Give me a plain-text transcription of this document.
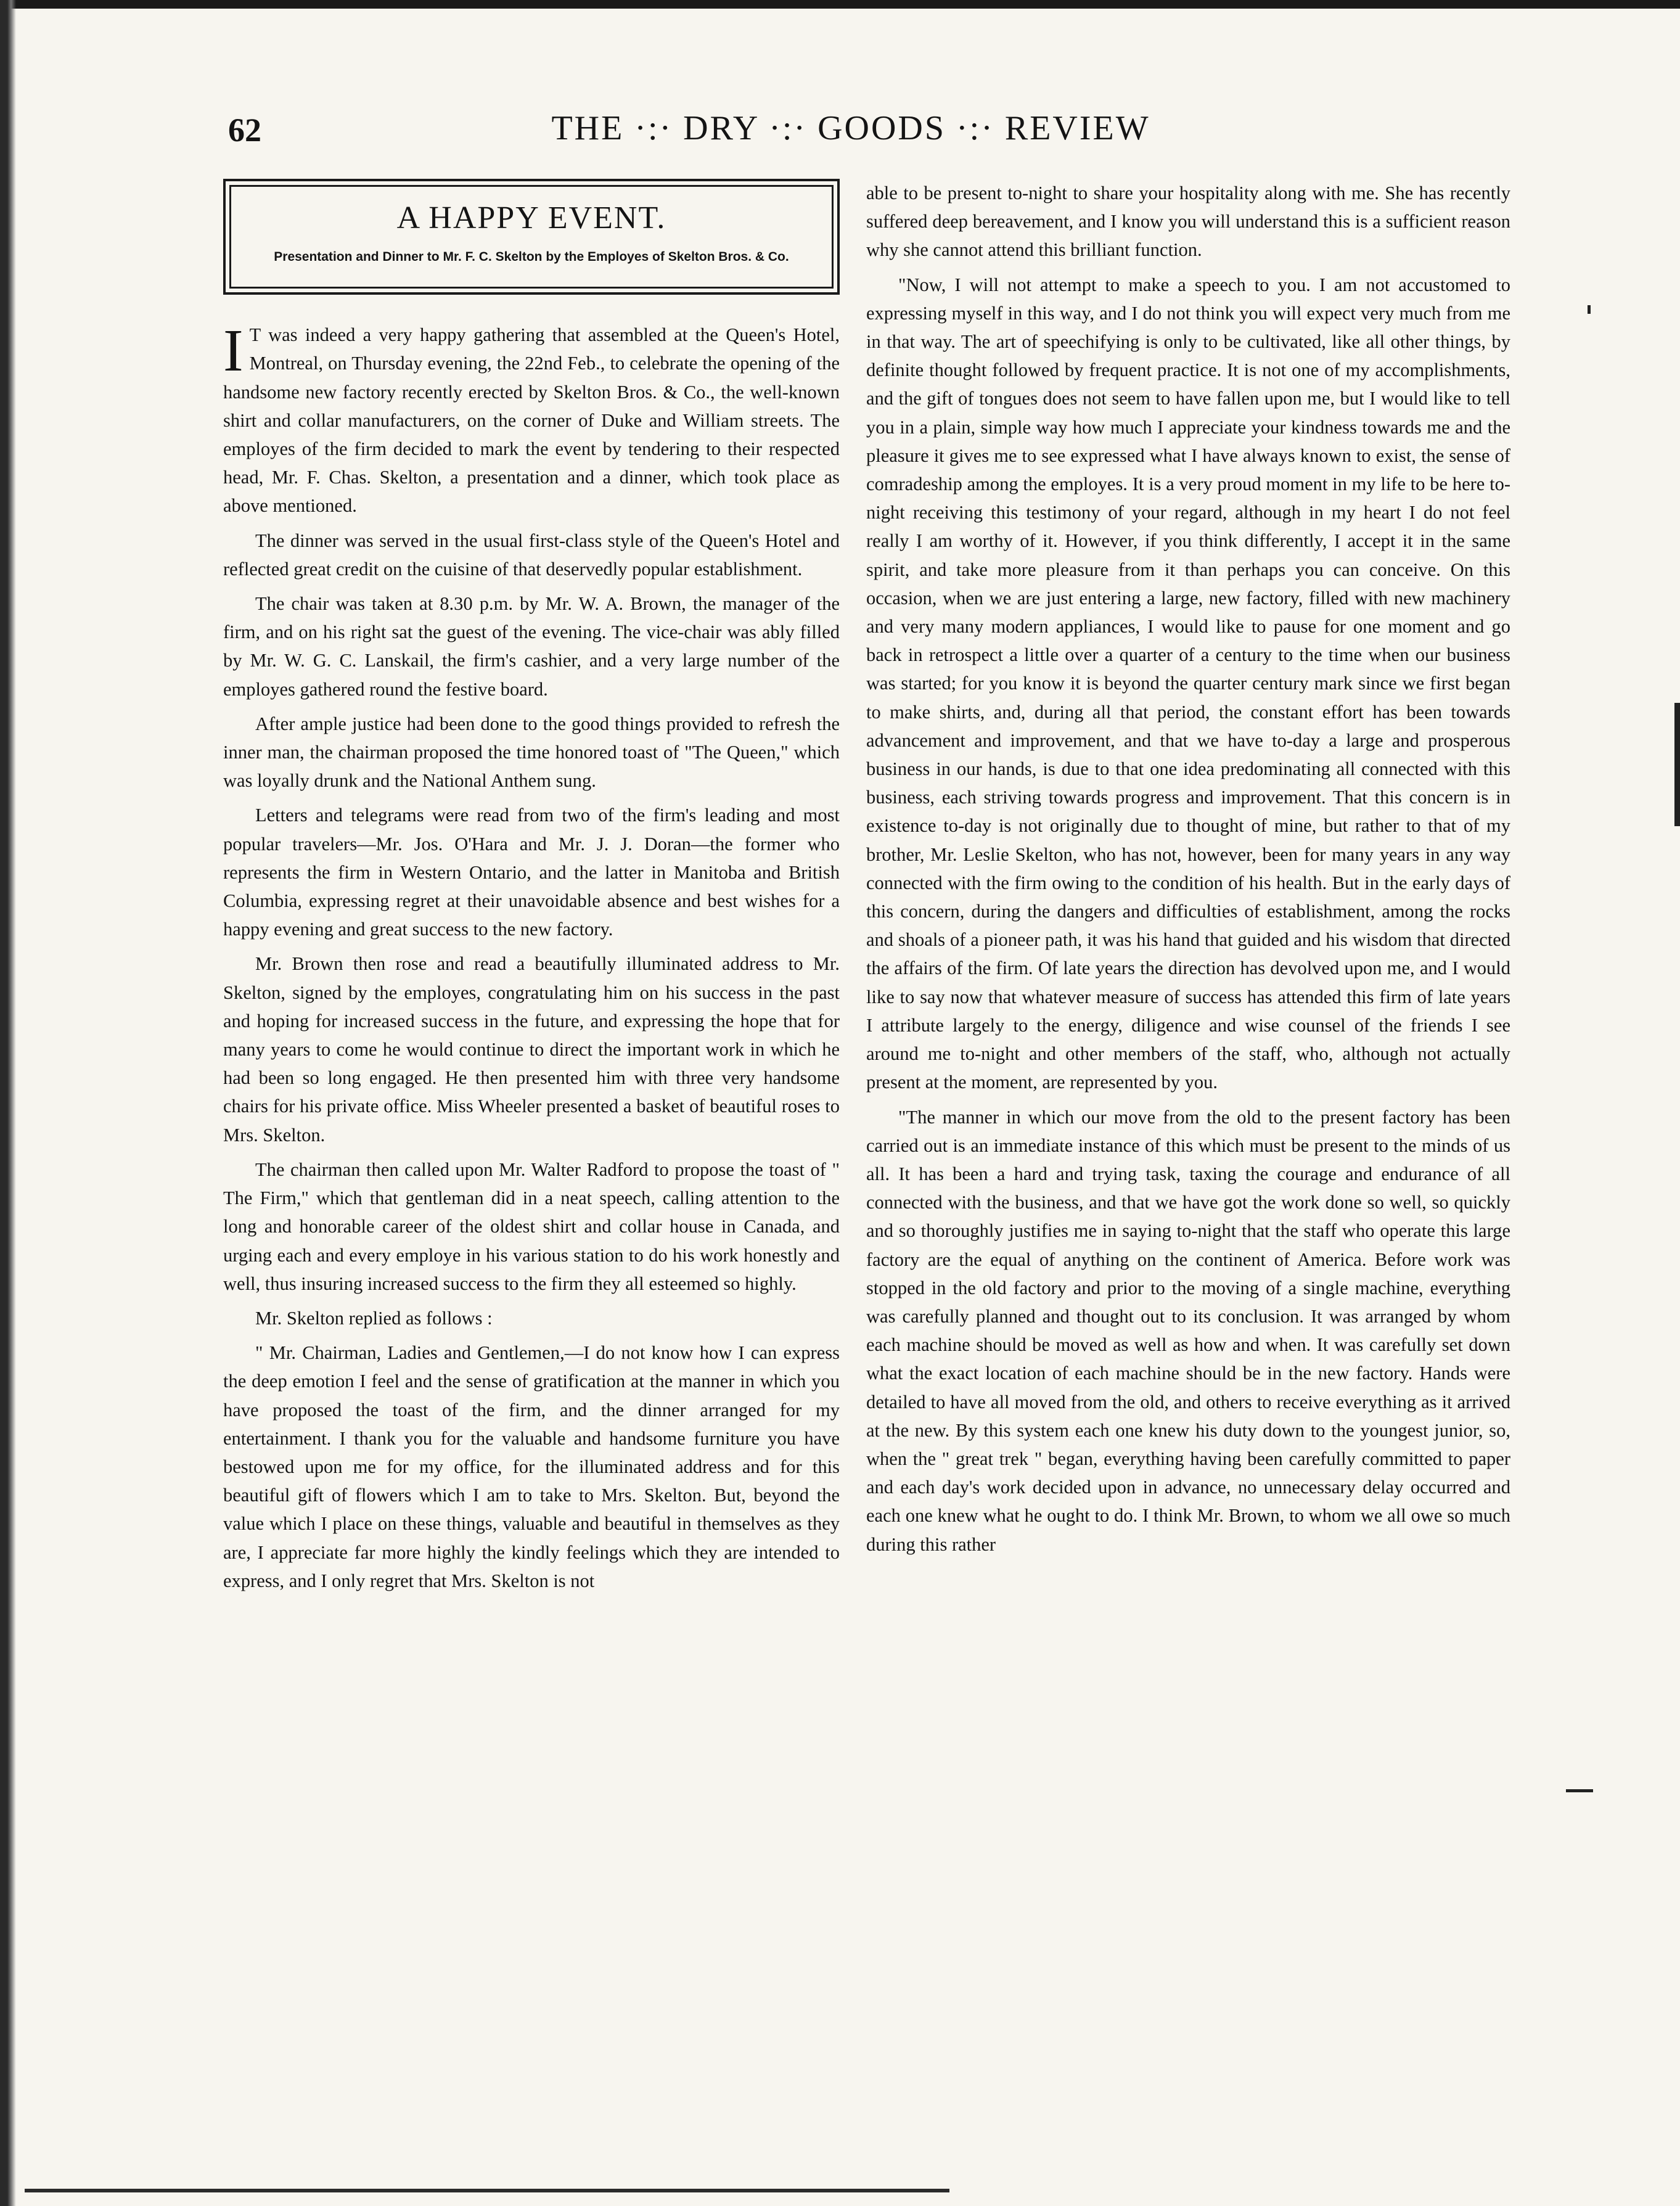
62	THE ·:· DRY ·:· GOODS ·:· REVIEW
A HAPPY EVENT.
Presentation and Dinner to Mr. F. C. Skelton by the Employes of Skelton Bros. & Co.

I T was indeed a very happy gathering that assembled at the Queen's Hotel, Montreal, on Thursday evening, the 22nd Feb., to celebrate the opening of the handsome new factory recently erected by Skelton Bros. & Co., the well-known shirt and collar manufacturers, on the corner of Duke and William streets. The employes of the firm decided to mark the event by tendering to their respected head, Mr. F. Chas. Skelton, a presentation and a dinner, which took place as above mentioned.

The dinner was served in the usual first-class style of the Queen's Hotel and reflected great credit on the cuisine of that deservedly popular establishment.

The chair was taken at 8.30 p.m. by Mr. W. A. Brown, the manager of the firm, and on his right sat the guest of the evening. The vice-chair was ably filled by Mr. W. G. C. Lanskail, the firm's cashier, and a very large number of the employes gathered round the festive board.

After ample justice had been done to the good things provided to refresh the inner man, the chairman proposed the time honored toast of "The Queen," which was loyally drunk and the National Anthem sung.

Letters and telegrams were read from two of the firm's leading and most popular travelers—Mr. Jos. O'Hara and Mr. J. J. Doran—the former who represents the firm in Western Ontario, and the latter in Manitoba and British Columbia, expressing regret at their unavoidable absence and best wishes for a happy evening and great success to the new factory.

Mr. Brown then rose and read a beautifully illuminated address to Mr. Skelton, signed by the employes, congratulating him on his success in the past and hoping for increased success in the future, and expressing the hope that for many years to come he would continue to direct the important work in which he had been so long engaged. He then presented him with three very handsome chairs for his private office. Miss Wheeler presented a basket of beautiful roses to Mrs. Skelton.

The chairman then called upon Mr. Walter Radford to propose the toast of " The Firm," which that gentleman did in a neat speech, calling attention to the long and honorable career of the oldest shirt and collar house in Canada, and urging each and every employe in his various station to do his work honestly and well, thus insuring increased success to the firm they all esteemed so highly.

Mr. Skelton replied as follows :

" Mr. Chairman, Ladies and Gentlemen,—I do not know how I can express the deep emotion I feel and the sense of gratification at the manner in which you have proposed the toast of the firm, and the dinner arranged for my entertainment. I thank you for the valuable and handsome furniture you have bestowed upon me for my office, for the illuminated address and for this beautiful gift of flowers which I am to take to Mrs. Skelton. But, beyond the value which I place on these things, valuable and beautiful in themselves as they are, I appreciate far more highly the kindly feelings which they are intended to express, and I only regret that Mrs. Skelton is not

able to be present to-night to share your hospitality along with me. She has recently suffered deep bereavement, and I know you will understand this is a sufficient reason why she cannot attend this brilliant function.

"Now, I will not attempt to make a speech to you. I am not accustomed to expressing myself in this way, and I do not think you will expect very much from me in that way. The art of speechifying is only to be cultivated, like all other things, by definite thought followed by frequent practice. It is not one of my accomplishments, and the gift of tongues does not seem to have fallen upon me, but I would like to tell you in a plain, simple way how much I appreciate your kindness towards me and the pleasure it gives me to see expressed what I have always known to exist, the sense of comradeship among the employes. It is a very proud moment in my life to be here to-night receiving this testimony of your regard, although in my heart I do not feel really I am worthy of it. However, if you think differently, I accept it in the same spirit, and take more pleasure from it than perhaps you can conceive. On this occasion, when we are just entering a large, new factory, filled with new machinery and very many modern appliances, I would like to pause for one moment and go back in retrospect a little over a quarter of a century to the time when our business was started; for you know it is beyond the quarter century mark since we first began to make shirts, and, during all that period, the constant effort has been towards advancement and improvement, and that we have to-day a large and prosperous business in our hands, is due to that one idea predominating all connected with this business, each striving towards progress and improvement. That this concern is in existence to-day is not originally due to thought of mine, but rather to that of my brother, Mr. Leslie Skelton, who has not, however, been for many years in any way connected with the firm owing to the condition of his health. But in the early days of this concern, during the dangers and difficulties of establishment, among the rocks and shoals of a pioneer path, it was his hand that guided and his wisdom that directed the affairs of the firm. Of late years the direction has devolved upon me, and I would like to say now that whatever measure of success has attended this firm of late years I attribute largely to the energy, diligence and wise counsel of the friends I see around me to-night and other members of the staff, who, although not actually present at the moment, are represented by you.

"The manner in which our move from the old to the present factory has been carried out is an immediate instance of this which must be present to the minds of us all. It has been a hard and trying task, taxing the courage and endurance of all connected with the business, and that we have got the work done so well, so quickly and so thoroughly justifies me in saying to-night that the staff who operate this large factory are the equal of anything on the continent of America. Before work was stopped in the old factory and prior to the moving of a single machine, everything was carefully planned and thought out to its conclusion. It was arranged by whom each machine should be moved as well as how and when. It was carefully set down what the exact location of each machine should be in the new factory. Hands were detailed to have all moved from the old, and others to receive everything as it arrived at the new. By this system each one knew his duty down to the youngest junior, so, when the " great trek " began, everything having been carefully committed to paper and each day's work decided upon in advance, no unnecessary delay occurred and each one knew what he ought to do. I think Mr. Brown, to whom we all owe so much during this rather
